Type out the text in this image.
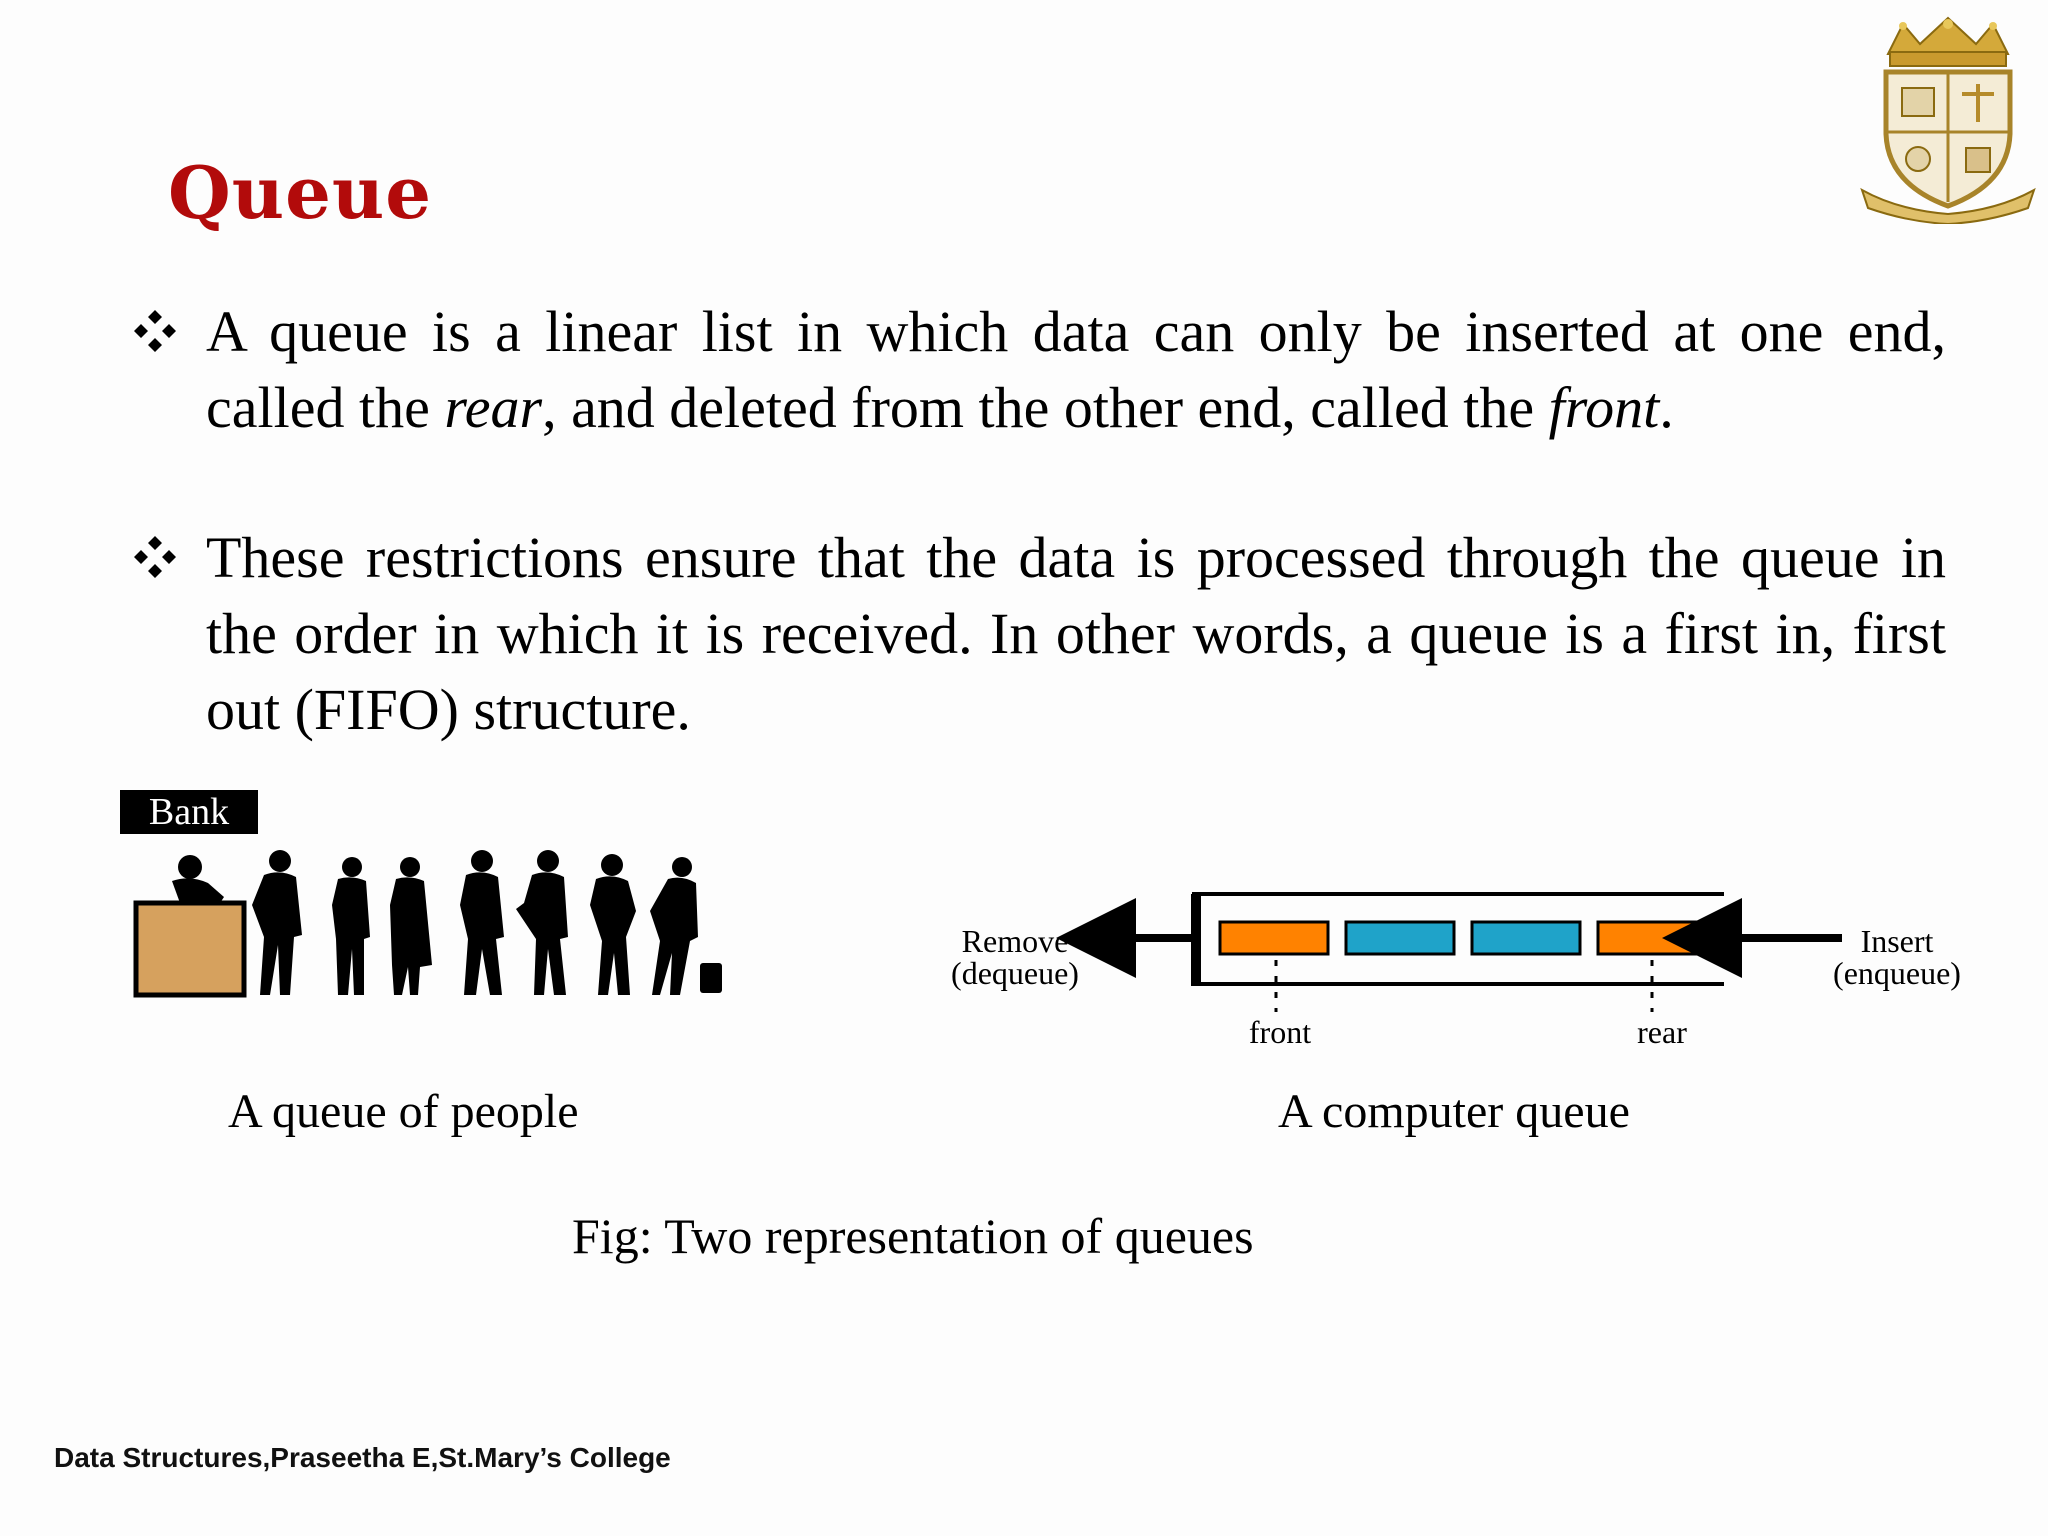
Queue
A queue is a linear list in which data can only be inserted at one end, called the rear, and deleted from the other end, called the front.
These restrictions ensure that the data is processed through the queue in the order in which it is received. In other words, a queue is a first in, first out (FIFO) structure.
Bank
Remove
(dequeue)
Insert
(enqueue)
front	rear
A queue of people	A computer queue
Fig: Two representation of queues
Data Structures,Praseetha E,St.Mary’s College
